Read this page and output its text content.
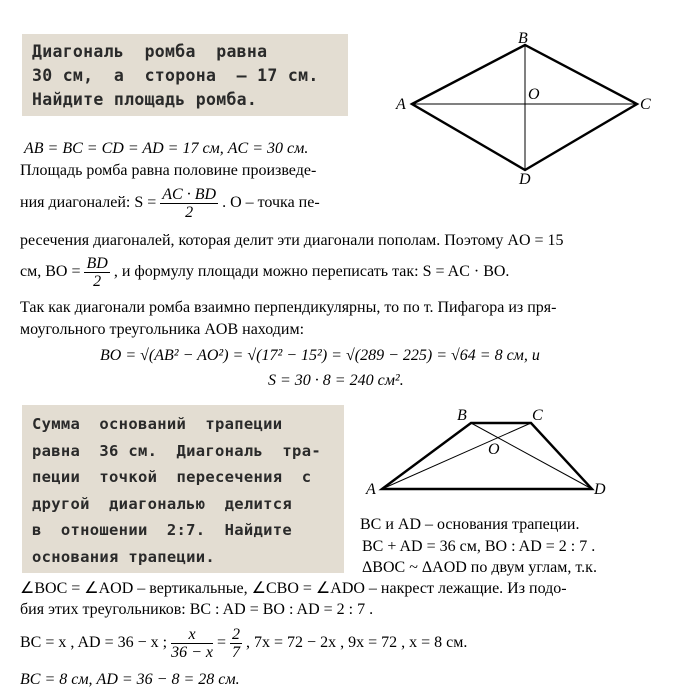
Диагональ  ромба  равна
30 см,  а  сторона  — 17 см.
Найдите площадь ромба.	A
B
C
D
O
AB = BC = CD = AD = 17 см, AC = 30 см.
Площадь ромба равна половине произведе-
ния диагоналей: $S = \frac{AC \cdot BD}{2}$ . O – точка пе-
ресечения диагоналей, которая делит эти диагонали пополам. Поэтому AO = 15
см, BO = $\frac{BD}{2}$ , и формулу площади можно переписать так: S = AC · BO.
Так как диагонали ромба взаимно перпендикулярны, то по т. Пифагора из пря-
моугольного треугольника AOB находим:
BO = √(AB² − AO²) = √(17² − 15²) = √(289 − 225) = √64 = 8 см, и
S = 30 · 8 = 240 см².
Сумма  оснований  трапеции
равна  36 см.  Диагональ  тра-
пеции  точкой  пересечения  с
другой  диагональю  делится
в  отношении  2:7.  Найдите
основания трапеции.
A
B	C
D
O
BC и AD – основания трапеции.
BC + AD = 36 см, BO : AD = 2 : 7 .
ΔBOC ~ ΔAOD по двум углам, т.к.
∠BOC = ∠AOD – вертикальные, ∠CBO = ∠ADO – накрест лежащие. Из подо-
бия этих треугольников: BC : AD = BO : AD = 2 : 7 .
BC = x , AD = 36 − x ; $\frac{x}{36 - x} = \frac{2}{7}$ , 7x = 72 − 2x , 9x = 72 , x = 8 см.
BC = 8 см, AD = 36 − 8 = 28 см.
